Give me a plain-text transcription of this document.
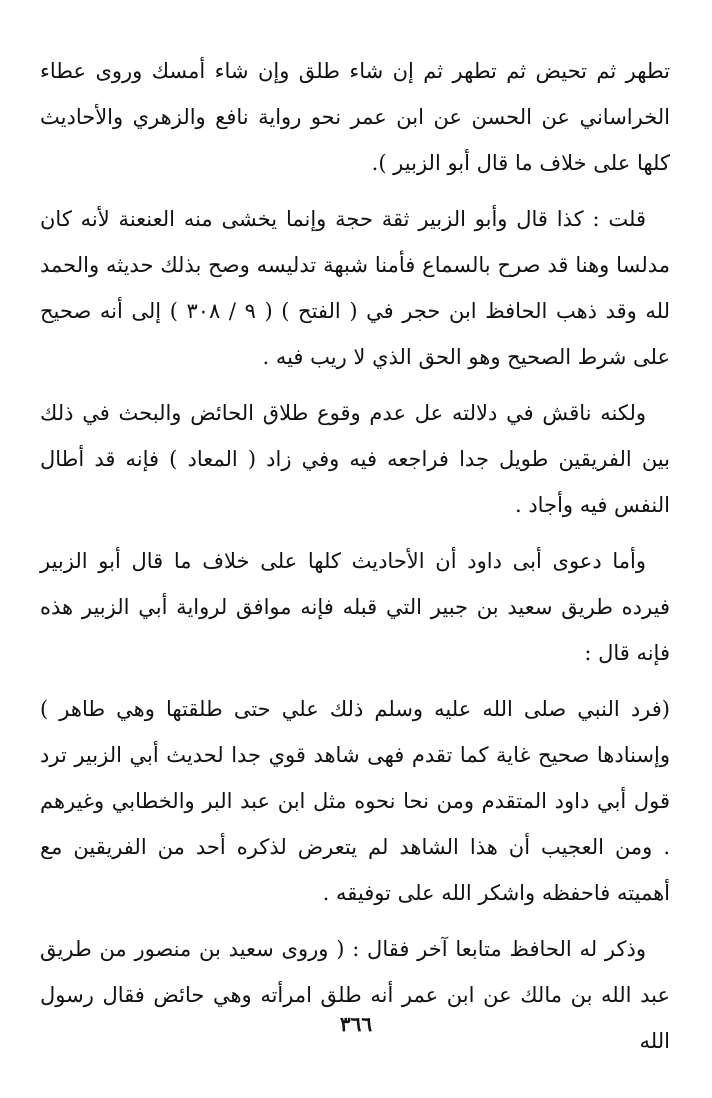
تطهر ثم تحيض ثم تطهر ثم إن شاء طلق وإن شاء أمسك وروى عطاء الخراساني عن الحسن عن ابن عمر نحو رواية نافع والزهري والأحاديث كلها على خلاف ما قال أبو الزبير ).

قلت : كذا قال وأبو الزبير ثقة حجة وإنما يخشى منه العنعنة لأنه كان مدلسا وهنا قد صرح بالسماع فأمنا شبهة تدليسه وصح بذلك حديثه والحمد لله وقد ذهب الحافظ ابن حجر في ( الفتح ) ( ٩ / ٣٠٨ ) إلى أنه صحيح على شرط الصحيح وهو الحق الذي لا ريب فيه .

ولكنه ناقش في دلالته عل عدم وقوع طلاق الحائض والبحث في ذلك بين الفريقين طويل جدا فراجعه فيه وفي زاد ( المعاد ) فإنه قد أطال النفس فيه وأجاد .

وأما دعوى أبى داود أن الأحاديث كلها على خلاف ما قال أبو الزبير فيرده طريق سعيد بن جبير التي قبله فإنه موافق لرواية أبي الزبير هذه فإنه قال :

(فرد النبي صلى الله عليه وسلم ذلك علي حتى طلقتها وهي طاهر ) وإسنادها صحيح غاية كما تقدم فهى شاهد قوي جدا لحديث أبي الزبير ترد قول أبي داود المتقدم ومن نحا نحوه مثل ابن عبد البر والخطابي وغيرهم . ومن العجيب أن هذا الشاهد لم يتعرض لذكره أحد من الفريقين مع أهميته فاحفظه واشكر الله على توفيقه .

وذكر له الحافظ متابعا آخر فقال : ( وروى سعيد بن منصور من طريق عبد الله بن مالك عن ابن عمر أنه طلق امرأته وهي حائض فقال رسول الله

٣٦٦
